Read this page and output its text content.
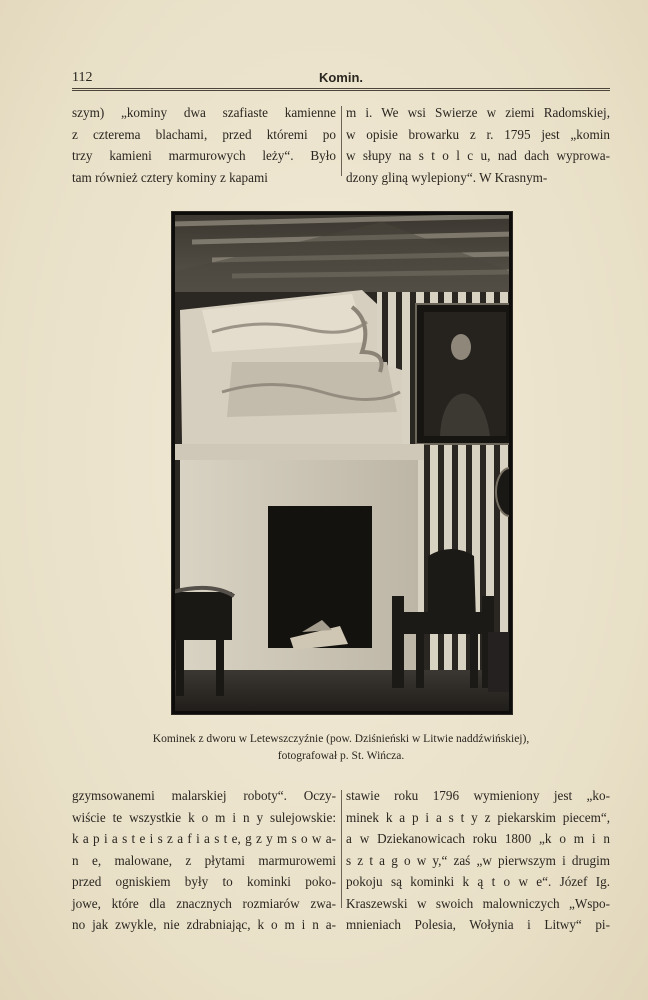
112	Komin.
szym) „kominy dwa szafiaste kamienne
z czterema blachami, przed któremi po
trzy kamieni marmurowych leży“. Było
tam również cztery kominy z kapami
m i. We wsi Swierze w ziemi Radomskiej,
w opisie browarku z r. 1795 jest „komin
w słupy na s t o l c u, nad dach wyprowa-
dzony gliną wylepiony“. W Krasnym-
Kominek z dworu w Letewszczyźnie (pow. Dziśnieński w Litwie naddźwińskiej),
fotografował p. St. Wińcza.
gzymsowanemi malarskiej roboty“. Oczy-
wiście te wszystkie k o m i n y sulejowskie:
k a p i a s t e i s z a f i a s t e, g z y m s o w a-
n e, malowane, z płytami marmurowemi
przed ogniskiem były to kominki poko-
jowe, które dla znacznych rozmiarów zwa-
no jak zwykle, nie zdrabniając, k o m i n a-
stawie roku 1796 wymieniony jest „ko-
minek k a p i a s t y z piekarskim piecem“,
a w Dziekanowicach roku 1800 „k o m i n
s z t a g o w y,“ zaś „w pierwszym i drugim
pokoju są kominki k ą t o w e“. Józef Ig.
Kraszewski w swoich malowniczych „Wspo-
mnieniach Polesia, Wołynia i Litwy“ pi-
